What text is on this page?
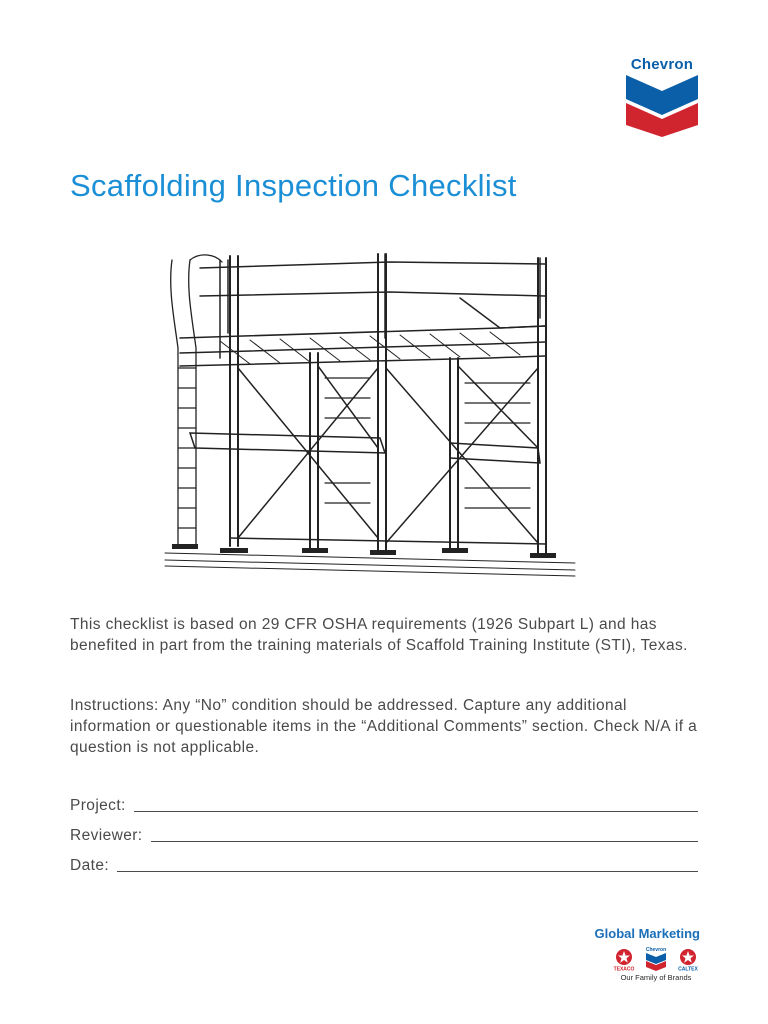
Chevron
Scaffolding Inspection Checklist

This checklist is based on 29 CFR OSHA requirements (1926 Subpart L) and has benefited in part from the training materials of Scaffold Training Institute (STI), Texas.

Instructions: Any “No” condition should be addressed. Capture any additional information or questionable items in the “Additional Comments” section. Check N/A if a question is not applicable.

Project:
Reviewer:
Date:
Global Marketing
TEXACO
Chevron
CALTEX
Our Family of Brands
